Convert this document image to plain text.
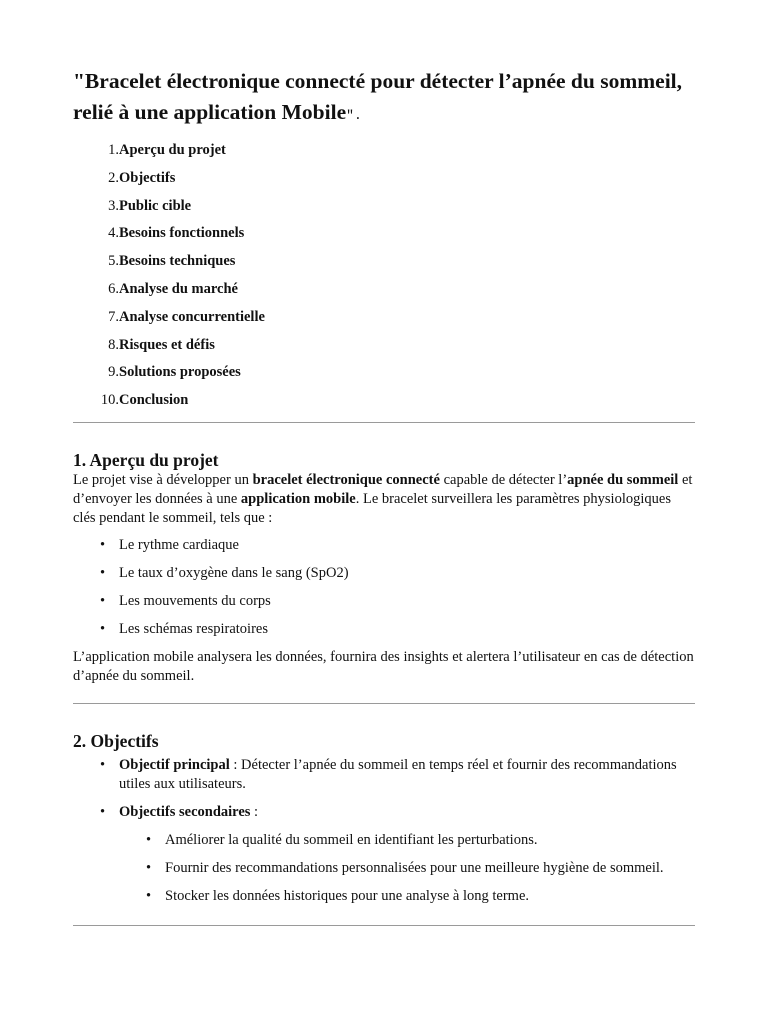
"Bracelet électronique connecté pour détecter l’apnée du sommeil, relié à une application Mobile".
1. Aperçu du projet
2. Objectifs
3. Public cible
4. Besoins fonctionnels
5. Besoins techniques
6. Analyse du marché
7. Analyse concurrentielle
8. Risques et défis
9. Solutions proposées
10. Conclusion
1. Aperçu du projet

Le projet vise à développer un bracelet électronique connecté capable de détecter l’apnée du sommeil et d’envoyer les données à une application mobile. Le bracelet surveillera les paramètres physiologiques clés pendant le sommeil, tels que :

• Le rythme cardiaque
• Le taux d’oxygène dans le sang (SpO2)
• Les mouvements du corps
• Les schémas respiratoires

L’application mobile analysera les données, fournira des insights et alertera l’utilisateur en cas de détection d’apnée du sommeil.

2. Objectifs
• Objectif principal : Détecter l’apnée du sommeil en temps réel et fournir des recommandations utiles aux utilisateurs.
• Objectifs secondaires :
• Améliorer la qualité du sommeil en identifiant les perturbations.
• Fournir des recommandations personnalisées pour une meilleure hygiène de sommeil.
• Stocker les données historiques pour une analyse à long terme.
